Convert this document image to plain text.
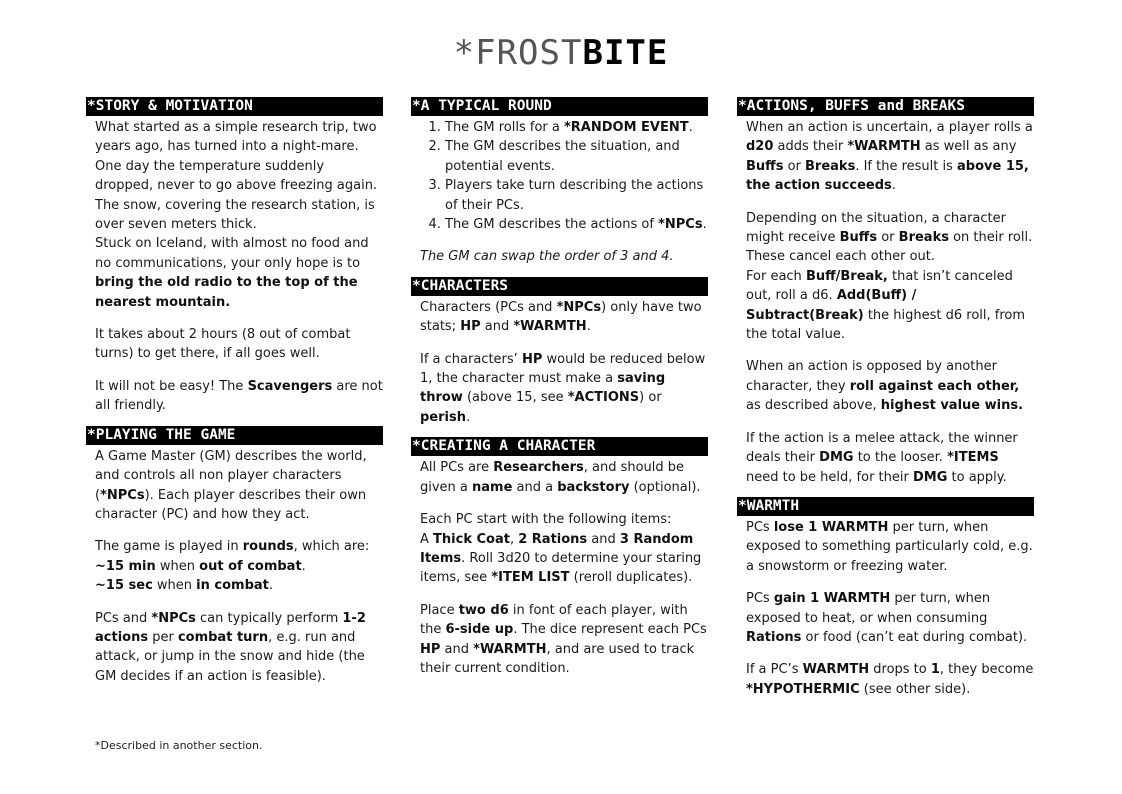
*FROSTBITE
*STORY & MOTIVATION

What started as a simple research trip, two years ago, has turned into a night-mare. One day the temperature suddenly dropped, never to go above freezing again. The snow, covering the research station, is over seven meters thick.

Stuck on Iceland, with almost no food and no communications, your only hope is to bring the old radio to the top of the nearest mountain.

It takes about 2 hours (8 out of combat turns) to get there, if all goes well.

It will not be easy! The Scavengers are not all friendly.

*PLAYING THE GAME

A Game Master (GM) describes the world, and controls all non player characters (*NPCs). Each player describes their own character (PC) and how they act.

The game is played in rounds, which are:
~15 min when out of combat.
~15 sec when in combat.

PCs and *NPCs can typically perform 1-2 actions per combat turn, e.g. run and attack, or jump in the snow and hide (the GM decides if an action is feasible).

*A TYPICAL ROUND
1. The GM rolls for a *RANDOM EVENT.
2. The GM describes the situation, and potential events.
3. Players take turn describing the actions of their PCs.
4. The GM describes the actions of *NPCs.

The GM can swap the order of 3 and 4.

*CHARACTERS

Characters (PCs and *NPCs) only have two stats; HP and *WARMTH.

If a characters’ HP would be reduced below 1, the character must make a saving throw (above 15, see *ACTIONS) or perish.

*CREATING A CHARACTER

All PCs are Researchers, and should be given a name and a backstory (optional).

Each PC start with the following items:
A Thick Coat, 2 Rations and 3 Random Items. Roll 3d20 to determine your staring items, see *ITEM LIST (reroll duplicates).

Place two d6 in font of each player, with the 6-side up. The dice represent each PCs HP and *WARMTH, and are used to track their current condition.

*ACTIONS, BUFFS and BREAKS

When an action is uncertain, a player rolls a d20 adds their *WARMTH as well as any Buffs or Breaks. If the result is above 15, the action succeeds.

Depending on the situation, a character might receive Buffs or Breaks on their roll. These cancel each other out.
For each Buff/Break, that isn’t canceled out, roll a d6. Add(Buff) / Subtract(Break) the highest d6 roll, from the total value.

When an action is opposed by another character, they roll against each other, as described above, highest value wins.

If the action is a melee attack, the winner deals their DMG to the looser. *ITEMS need to be held, for their DMG to apply.

*WARMTH

PCs lose 1 WARMTH per turn, when exposed to something particularly cold, e.g. a snowstorm or freezing water.

PCs gain 1 WARMTH per turn, when exposed to heat, or when consuming Rations or food (can’t eat during combat).

If a PC’s WARMTH drops to 1, they become *HYPOTHERMIC (see other side).

*Described in another section.
